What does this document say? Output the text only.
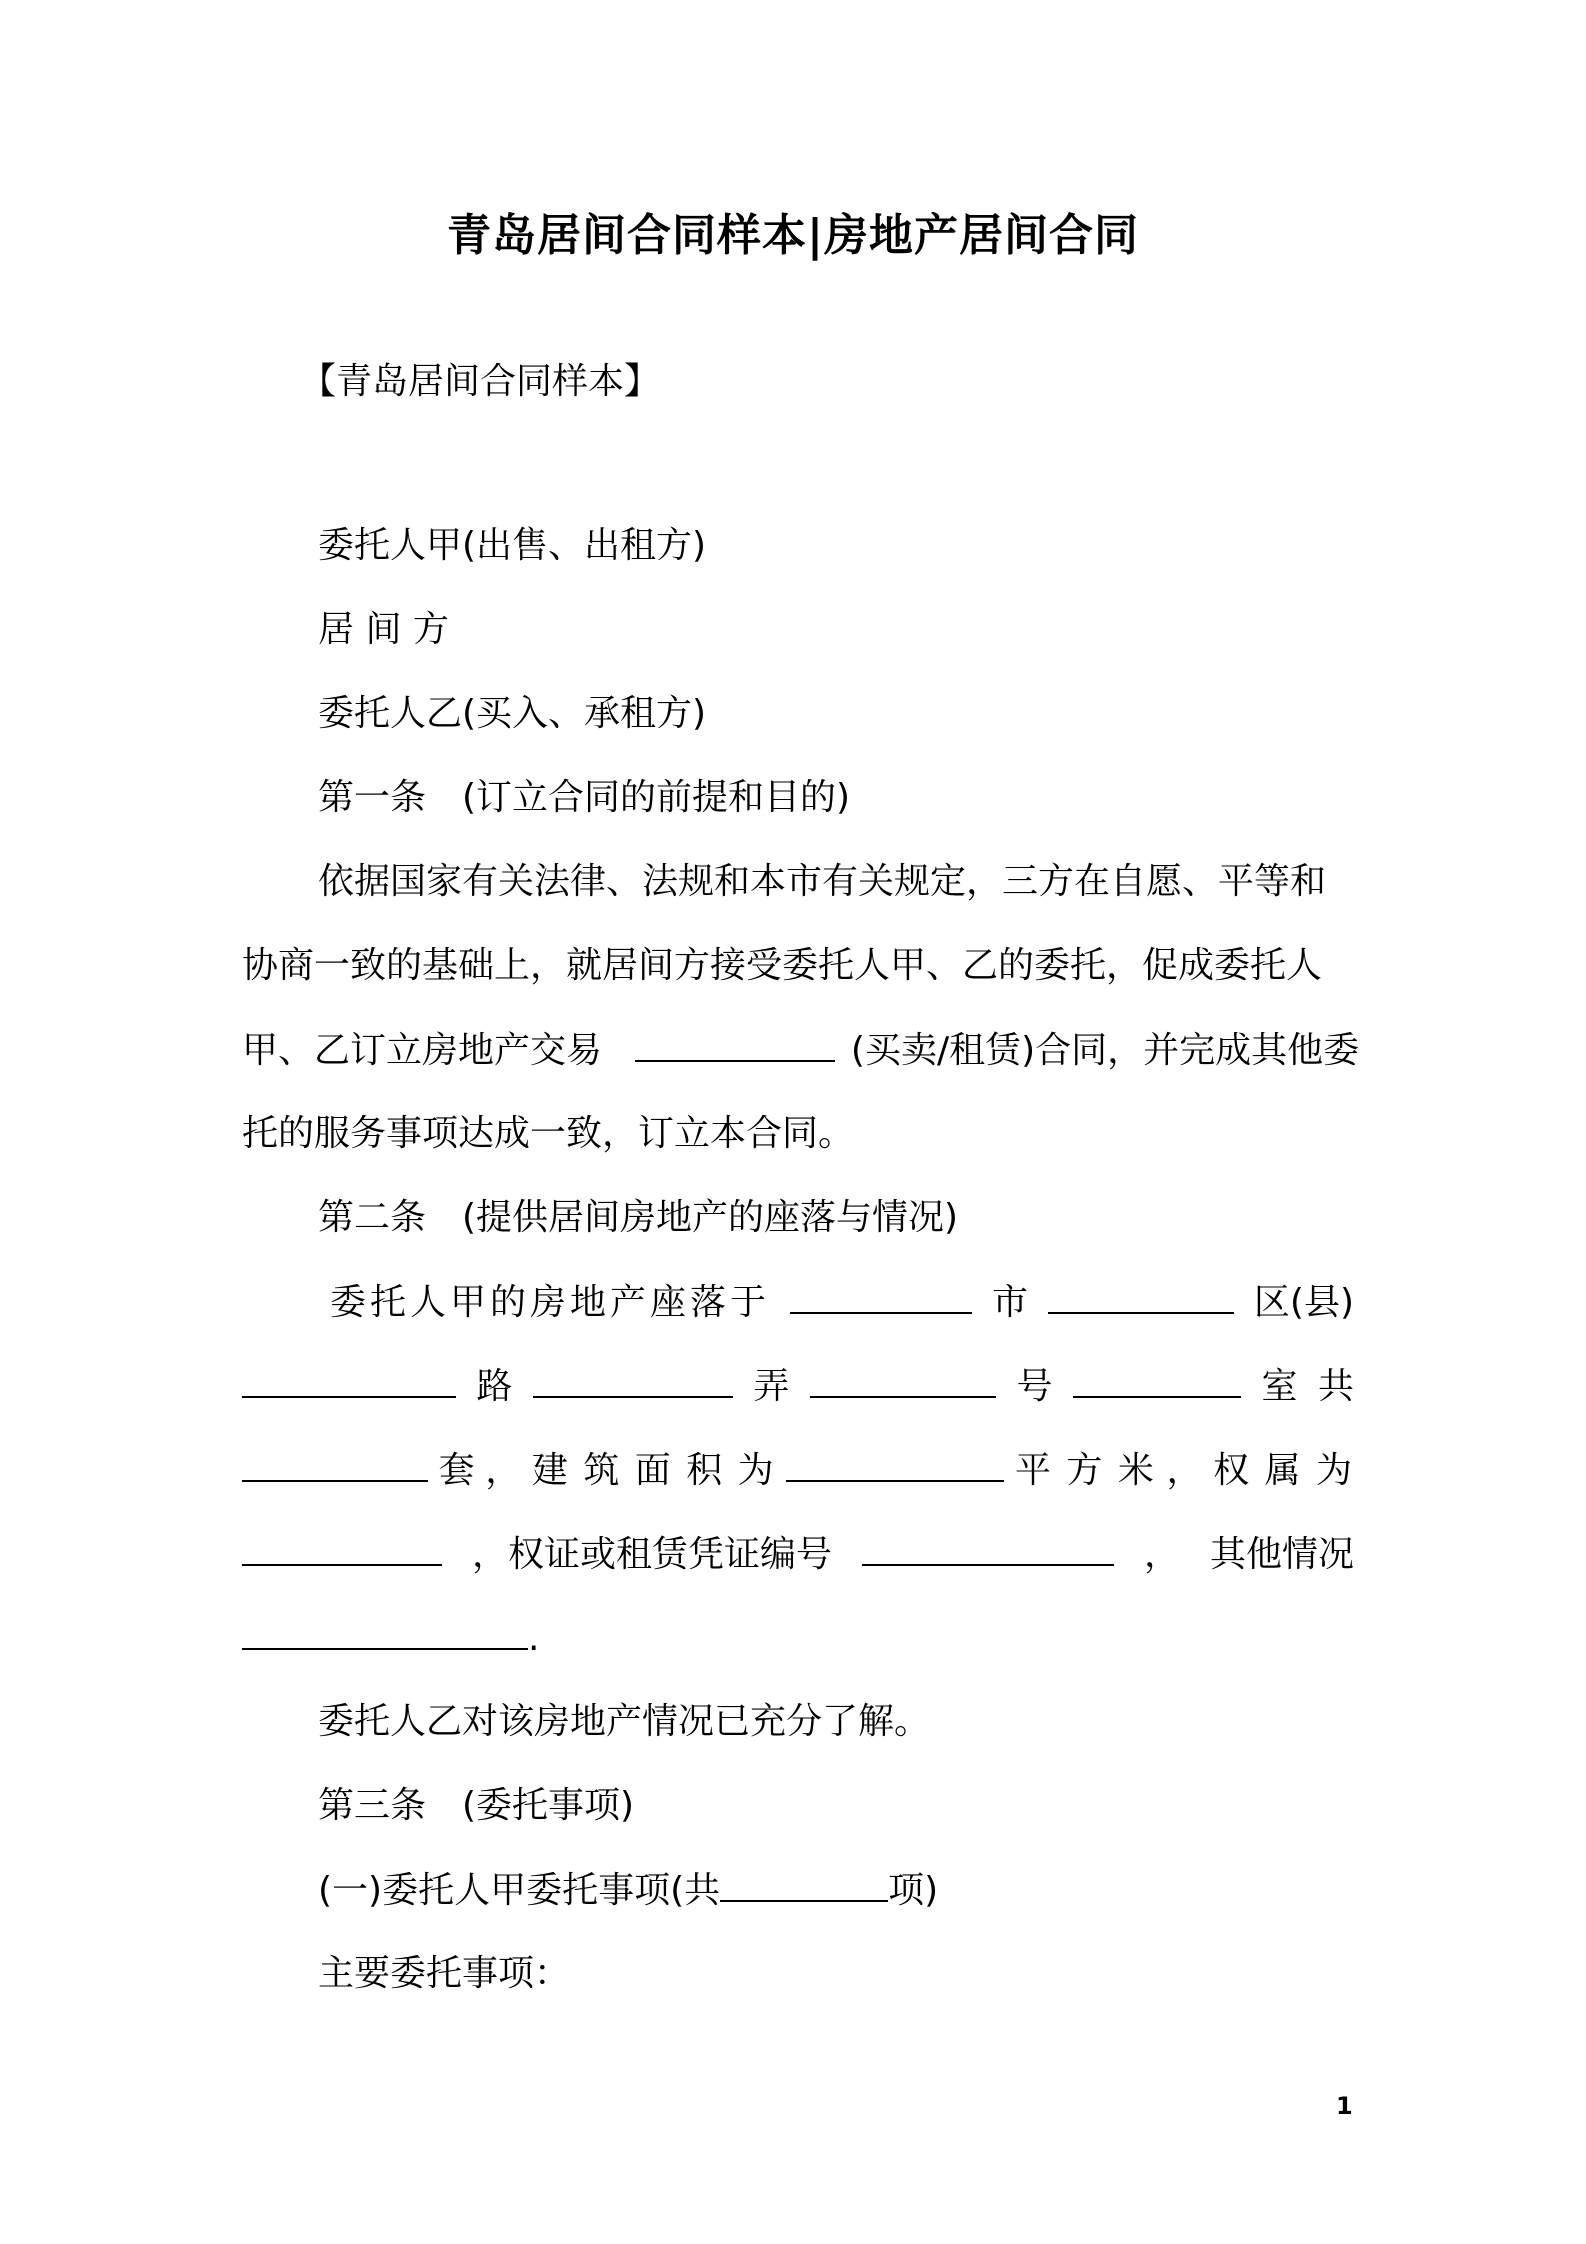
青岛居间合同样本|房地产居间合同
【青岛居间合同样本】
委托人甲(出售、出租方)
居 间 方
委托人乙(买入、承租方)
第一条　(订立合同的前提和目的)
依据国家有关法律、法规和本市有关规定，三方在自愿、平等和
协商一致的基础上，就居间方接受委托人甲、乙的委托，促成委托人
甲、乙订立房地产交易	(买卖/租赁)合同，并完成其他委
托的服务事项达成一致，订立本合同。
第二条　(提供居间房地产的座落与情况)
委托人甲的房地产座落于	市	区(县)
路	弄	号	室 共
套 ， 建 筑 面 积 为	平 方 米 ， 权 属 为
，权证或租赁凭证编号	， 其他情况
.
委托人乙对该房地产情况已充分了解。
第三条　(委托事项)
(一)委托人甲委托事项(共	项)
主要委托事项：
1
